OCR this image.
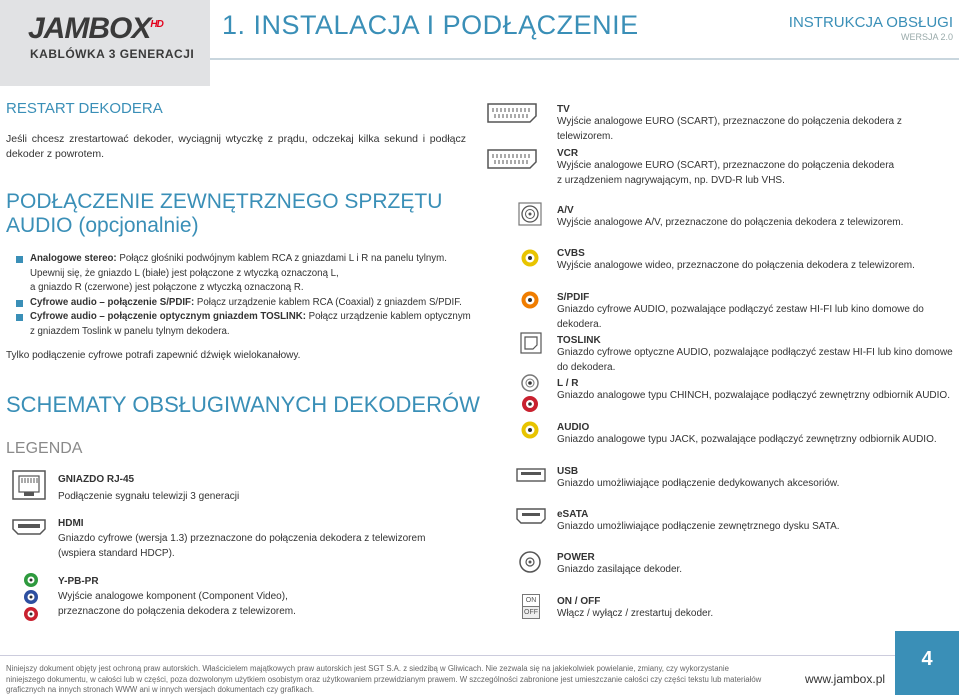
$JAMBOX^{HD}$
KABLÓWKA 3 GENERACJI
1. INSTALACJA I PODŁĄCZENIE	INSTRUKCJA OBSŁUGI
WERSJA 2.0
RESTART DEKODERA
Jeśli chcesz zrestartować dekoder, wyciągnij wtyczkę z prądu, odczekaj kilka sekund i podłącz dekoder z powrotem.
PODŁĄCZENIE ZEWNĘTRZNEGO SPRZĘTU
AUDIO (opcjonalnie)
Analogowe stereo: Połącz głośniki podwójnym kablem RCA z gniazdami L i R na panelu tylnym.
Upewnij się, że gniazdo L (białe) jest połączone z wtyczką oznaczoną L,
a gniazdo R (czerwone) jest połączone z wtyczką oznaczoną R.
Cyfrowe audio – połączenie S/PDIF: Połącz urządzenie kablem RCA (Coaxial) z gniazdem S/PDIF.
Cyfrowe audio – połączenie optycznym gniazdem TOSLINK: Połącz urządzenie kablem optycznym
z gniazdem Toslink w panelu tylnym dekodera.
Tylko podłączenie cyfrowe potrafi zapewnić dźwięk wielokanałowy.
SCHEMATY OBSŁUGIWANYCH DEKODERÓW
LEGENDA
GNIAZDO RJ-45
Podłączenie sygnału telewizji 3 generacji
HDMI
Gniazdo cyfrowe (wersja 1.3) przeznaczone do połączenia dekodera z telewizorem
(wspiera standard HDCP).
Y-PB-PR
Wyjście analogowe komponent (Component Video),
przeznaczone do połączenia dekodera z telewizorem.
ON
OFF
TV
Wyjście analogowe EURO (SCART), przeznaczone do połączenia dekodera z telewizorem.
VCR
Wyjście analogowe EURO (SCART), przeznaczone do połączenia dekodera
z urządzeniem nagrywającym, np. DVD-R lub VHS.
A/V
Wyjście analogowe A/V, przeznaczone do połączenia dekodera z telewizorem.
CVBS
Wyjście analogowe wideo, przeznaczone do połączenia dekodera z telewizorem.
S/PDIF
Gniazdo cyfrowe AUDIO, pozwalające podłączyć zestaw HI-FI lub kino domowe do dekodera.
TOSLINK
Gniazdo cyfrowe optyczne AUDIO, pozwalające podłączyć zestaw HI-FI lub kino domowe do dekodera.
L / R
Gniazdo analogowe typu CHINCH, pozwalające podłączyć zewnętrzny odbiornik AUDIO.
AUDIO
Gniazdo analogowe typu JACK, pozwalające podłączyć zewnętrzny odbiornik AUDIO.
USB
Gniazdo umożliwiające podłączenie dedykowanych akcesoriów.
eSATA
Gniazdo umożliwiające podłączenie zewnętrznego dysku SATA.
POWER
Gniazdo zasilające dekoder.
ON / OFF
Włącz / wyłącz / zrestartuj dekoder.
Niniejszy dokument objęty jest ochroną praw autorskich. Właścicielem majątkowych praw autorskich jest SGT S.A. z siedzibą w Gliwicach. Nie zezwala się na jakiekolwiek powielanie, zmiany, czy wykorzystanie niniejszego dokumentu, w całości lub w części, poza dozwolonym użytkiem osobistym oraz użytkowaniem przewidzianym prawem. W szczególności zabronione jest umieszczanie całości czy części tekstu lub materiałów graficznych na innych stronach WWW ani w innych wersjach dokumentach czy grafikach.
www.jambox.pl
4
